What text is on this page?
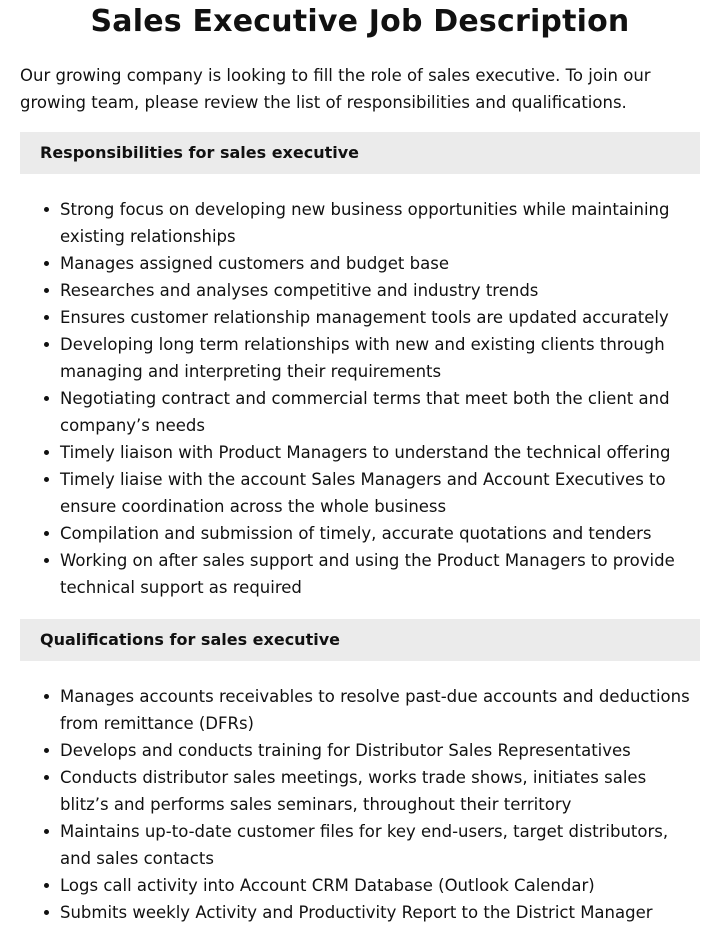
Sales Executive Job Description

Our growing company is looking to fill the role of sales executive. To join our growing team, please review the list of responsibilities and qualifications.

Responsibilities for sales executive
Strong focus on developing new business opportunities while maintaining existing relationships
Manages assigned customers and budget base
Researches and analyses competitive and industry trends
Ensures customer relationship management tools are updated accurately
Developing long term relationships with new and existing clients through managing and interpreting their requirements
Negotiating contract and commercial terms that meet both the client and company’s needs
Timely liaison with Product Managers to understand the technical offering
Timely liaise with the account Sales Managers and Account Executives to ensure coordination across the whole business
Compilation and submission of timely, accurate quotations and tenders
Working on after sales support and using the Product Managers to provide technical support as required
Qualifications for sales executive
Manages accounts receivables to resolve past-due accounts and deductions from remittance (DFRs)
Develops and conducts training for Distributor Sales Representatives
Conducts distributor sales meetings, works trade shows, initiates sales blitz’s and performs sales seminars, throughout their territory
Maintains up-to-date customer files for key end-users, target distributors, and sales contacts
Logs call activity into Account CRM Database (Outlook Calendar)
Submits weekly Activity and Productivity Report to the District Manager
